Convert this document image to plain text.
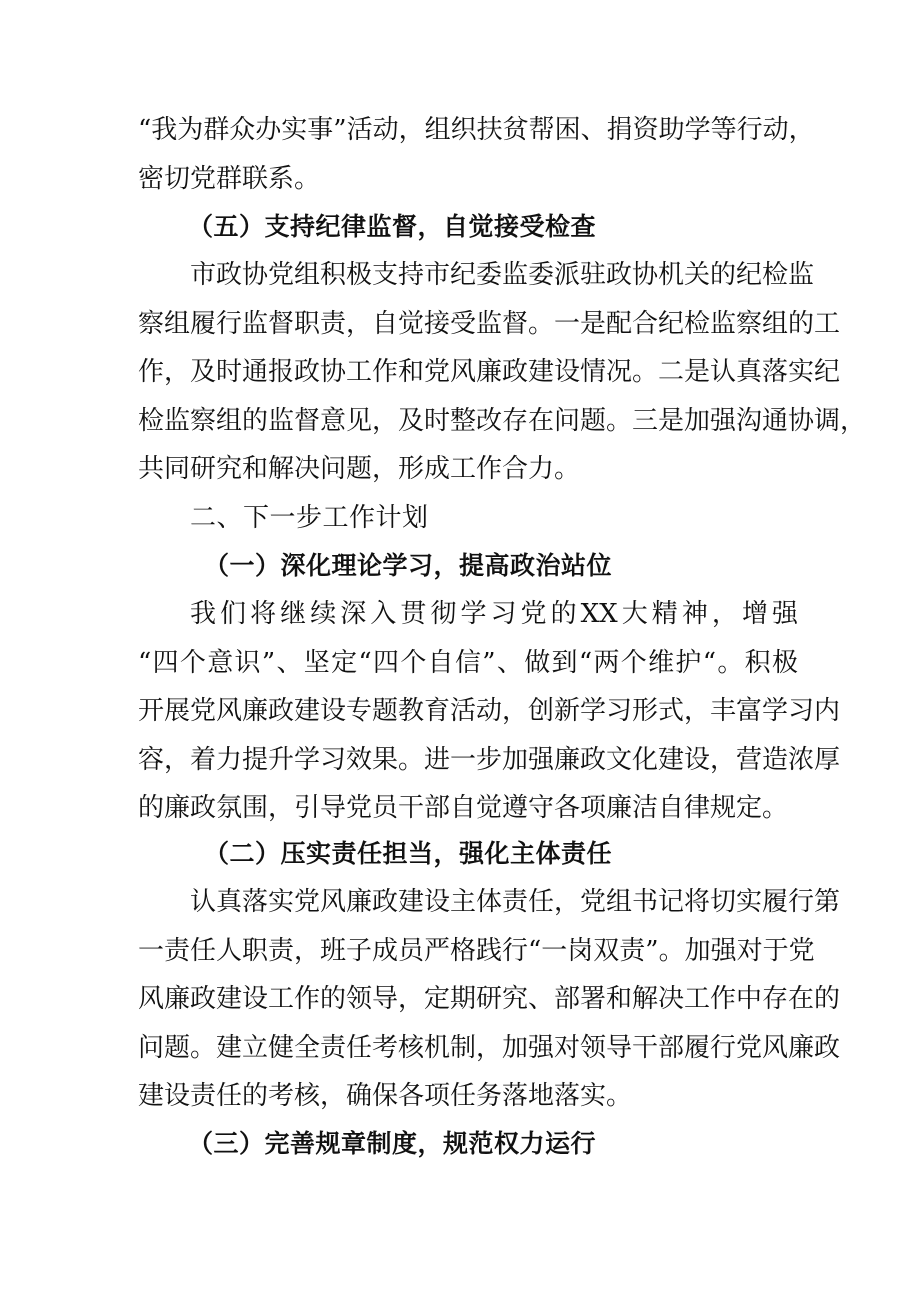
“我为群众办实事”活动，组织扶贫帮困、捐资助学等行动，
密切党群联系。
（五）支持纪律监督，自觉接受检查
市政协党组积极支持市纪委监委派驻政协机关的纪检监
察组履行监督职责，自觉接受监督。一是配合纪检监察组的工
作，及时通报政协工作和党风廉政建设情况。二是认真落实纪
检监察组的监督意见，及时整改存在问题。三是加强沟通协调，
共同研究和解决问题，形成工作合力。
二、下一步工作计划
（一）深化理论学习，提高政治站位
我们将继续深入贯彻学习党的XX大精神，增强
“四个意识”、坚定“四个自信”、做到“两个维护“。积极
开展党风廉政建设专题教育活动，创新学习形式，丰富学习内
容，着力提升学习效果。进一步加强廉政文化建设，营造浓厚
的廉政氛围，引导党员干部自觉遵守各项廉洁自律规定。
（二）压实责任担当，强化主体责任
认真落实党风廉政建设主体责任，党组书记将切实履行第
一责任人职责，班子成员严格践行“一岗双责”。加强对于党
风廉政建设工作的领导，定期研究、部署和解决工作中存在的
问题。建立健全责任考核机制，加强对领导干部履行党风廉政
建设责任的考核，确保各项任务落地落实。
（三）完善规章制度，规范权力运行
